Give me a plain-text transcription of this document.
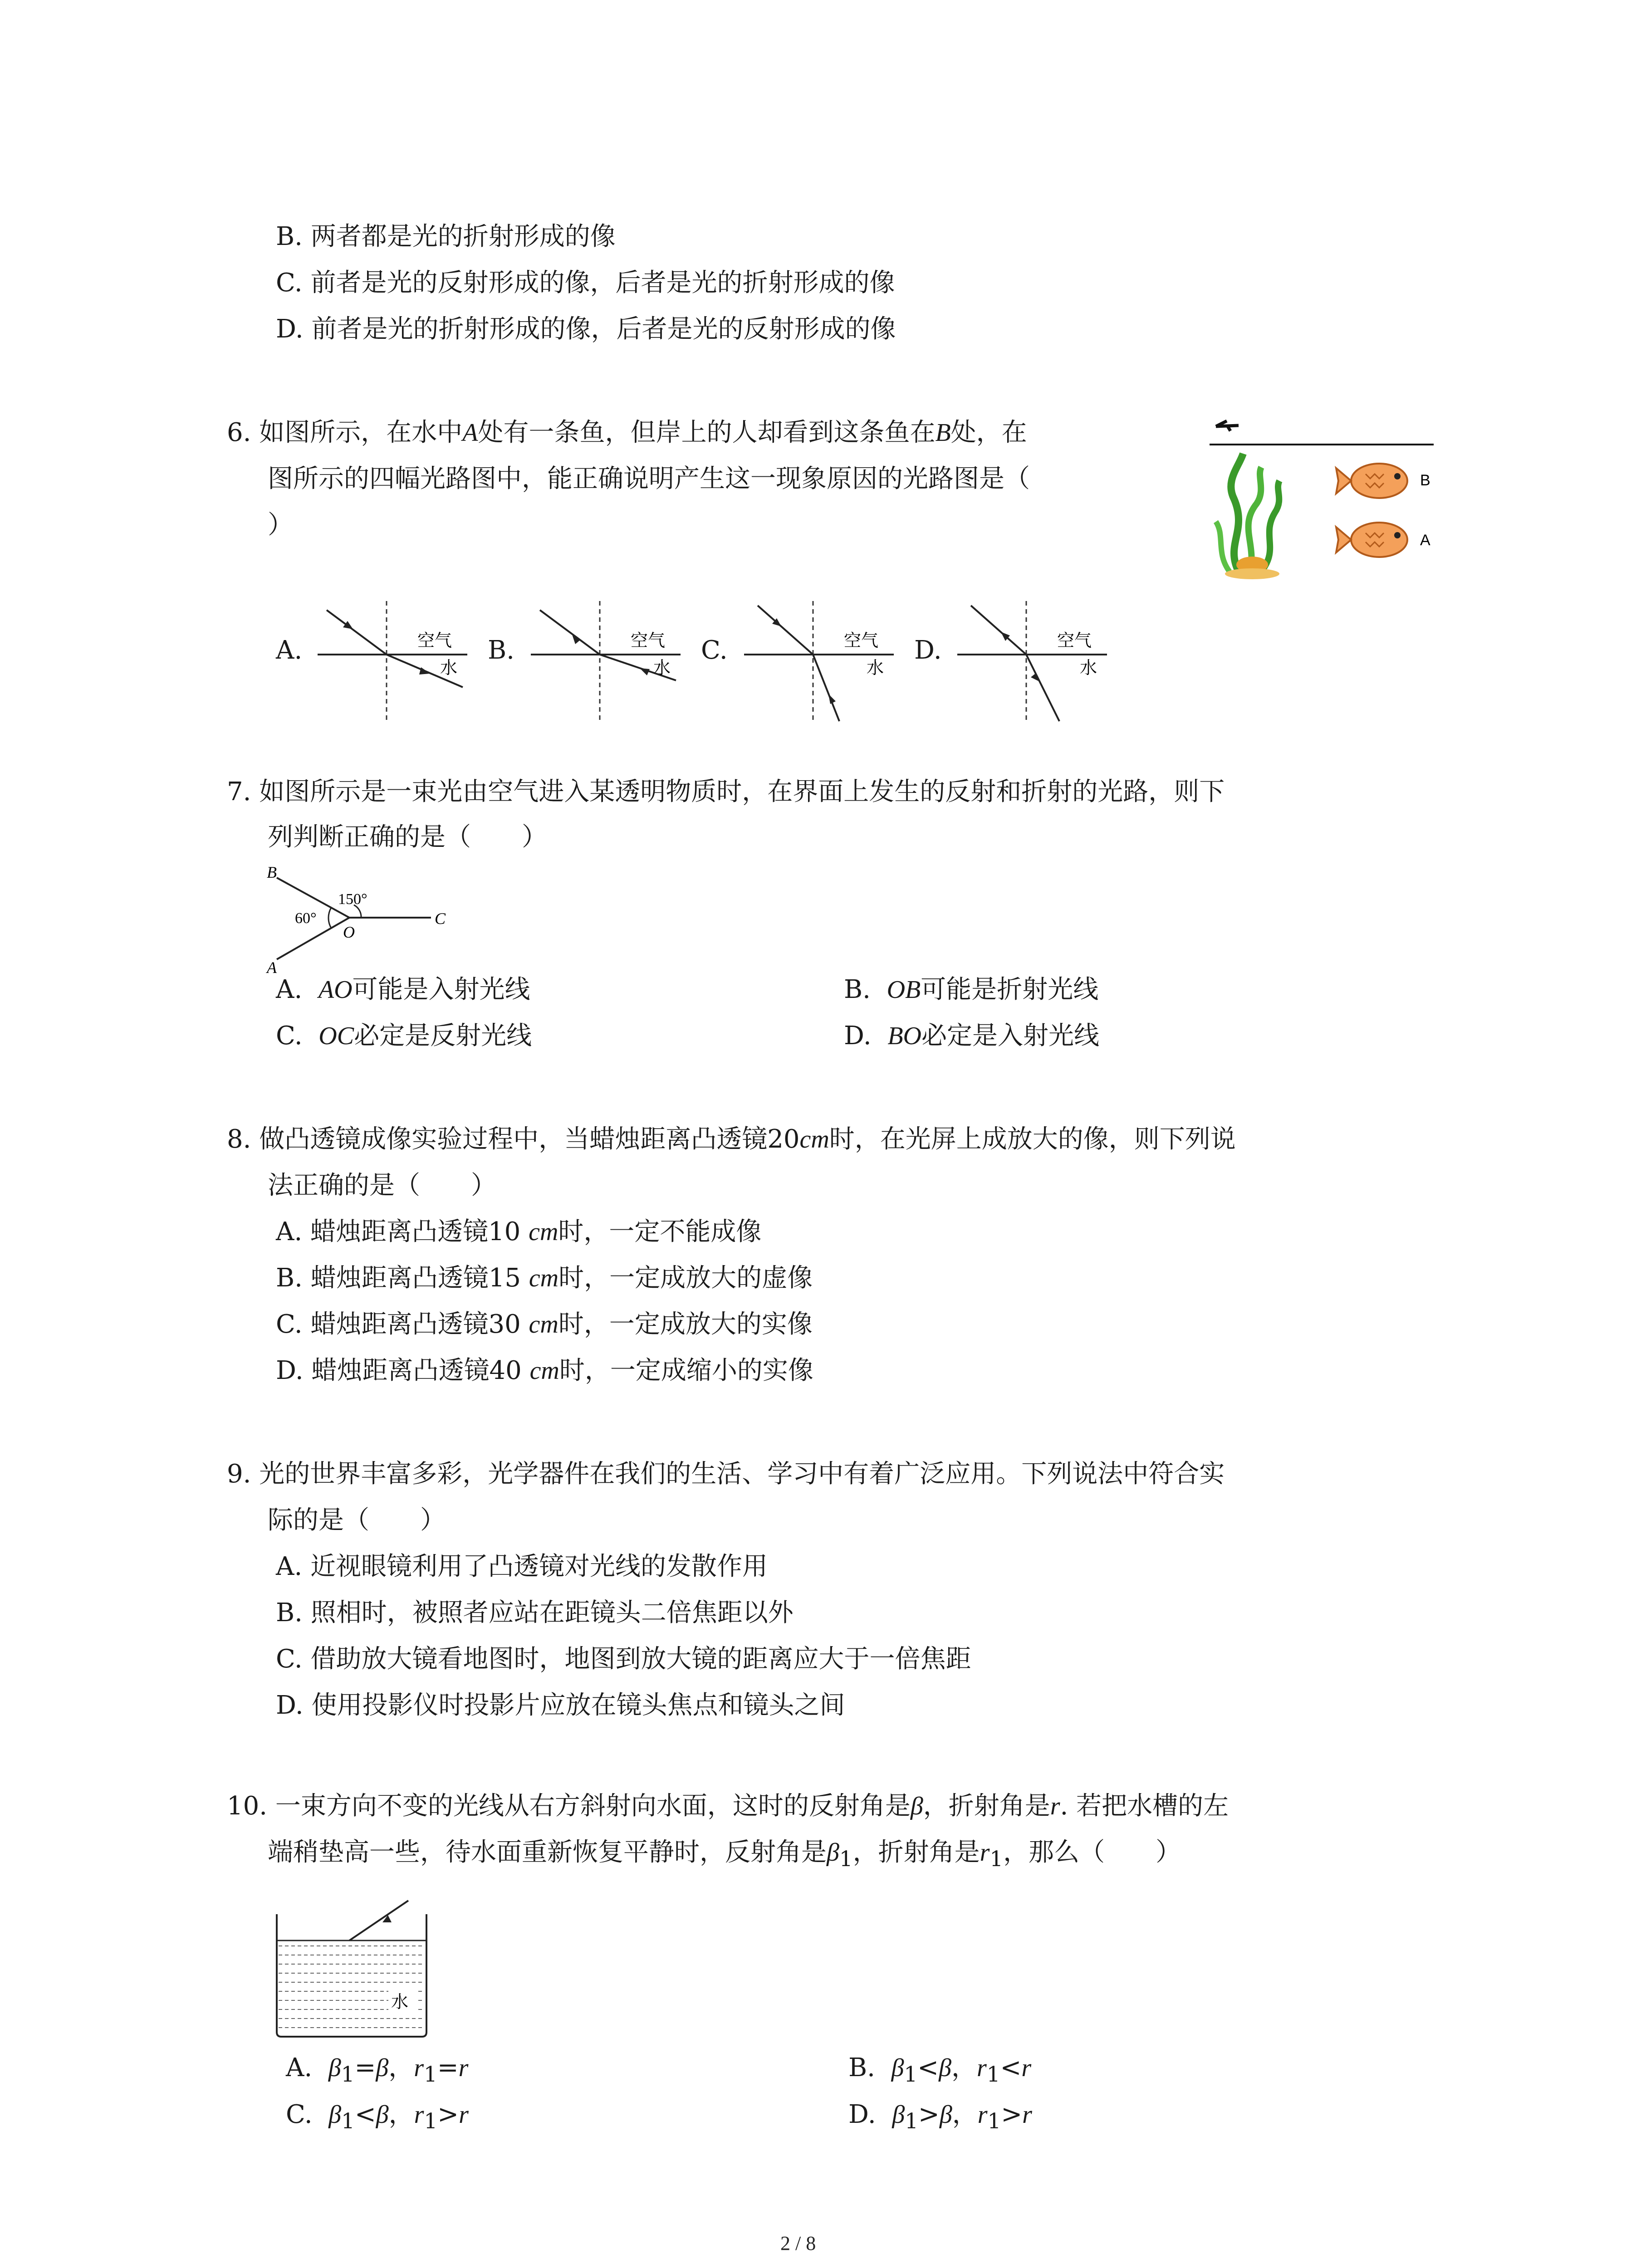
B. 两者都是光的折射形成的像
C. 前者是光的反射形成的像，后者是光的折射形成的像
D. 前者是光的折射形成的像，后者是光的反射形成的像
6. 如图所示，在水中A处有一条鱼，但岸上的人却看到这条鱼在B处，在
图所示的四幅光路图中，能正确说明产生这一现象原因的光路图是（
）
B
A
A.	空气
水
B.	空气
水
C.	空气
水
D.	空气
水
7. 如图所示是一束光由空气进入某透明物质时，在界面上发生的反射和折射的光路，则下
列判断正确的是（　　）
B
A
O
C
150°
60°
A. AO可能是入射光线	B. OB可能是折射光线
C. OC必定是反射光线	D. BO必定是入射光线
8. 做凸透镜成像实验过程中，当蜡烛距离凸透镜20cm时，在光屏上成放大的像，则下列说
法正确的是（　　）
A. 蜡烛距离凸透镜10 cm时，一定不能成像
B. 蜡烛距离凸透镜15 cm时，一定成放大的虚像
C. 蜡烛距离凸透镜30 cm时，一定成放大的实像
D. 蜡烛距离凸透镜40 cm时，一定成缩小的实像
9. 光的世界丰富多彩，光学器件在我们的生活、学习中有着广泛应用。下列说法中符合实
际的是（　　）
A. 近视眼镜利用了凸透镜对光线的发散作用
B. 照相时，被照者应站在距镜头二倍焦距以外
C. 借助放大镜看地图时，地图到放大镜的距离应大于一倍焦距
D. 使用投影仪时投影片应放在镜头焦点和镜头之间
10. 一束方向不变的光线从右方斜射向水面，这时的反射角是β，折射角是r. 若把水槽的左
端稍垫高一些，待水面重新恢复平静时，反射角是$\beta_1$，折射角是$r_1$，那么（　　）
水
A. $\beta_1=\beta$，$r_1=r$	B. $\beta_1<\beta$，$r_1<r$
C. $\beta_1<\beta$，$r_1>r$	D. $\beta_1>\beta$，$r_1>r$
2 / 8
